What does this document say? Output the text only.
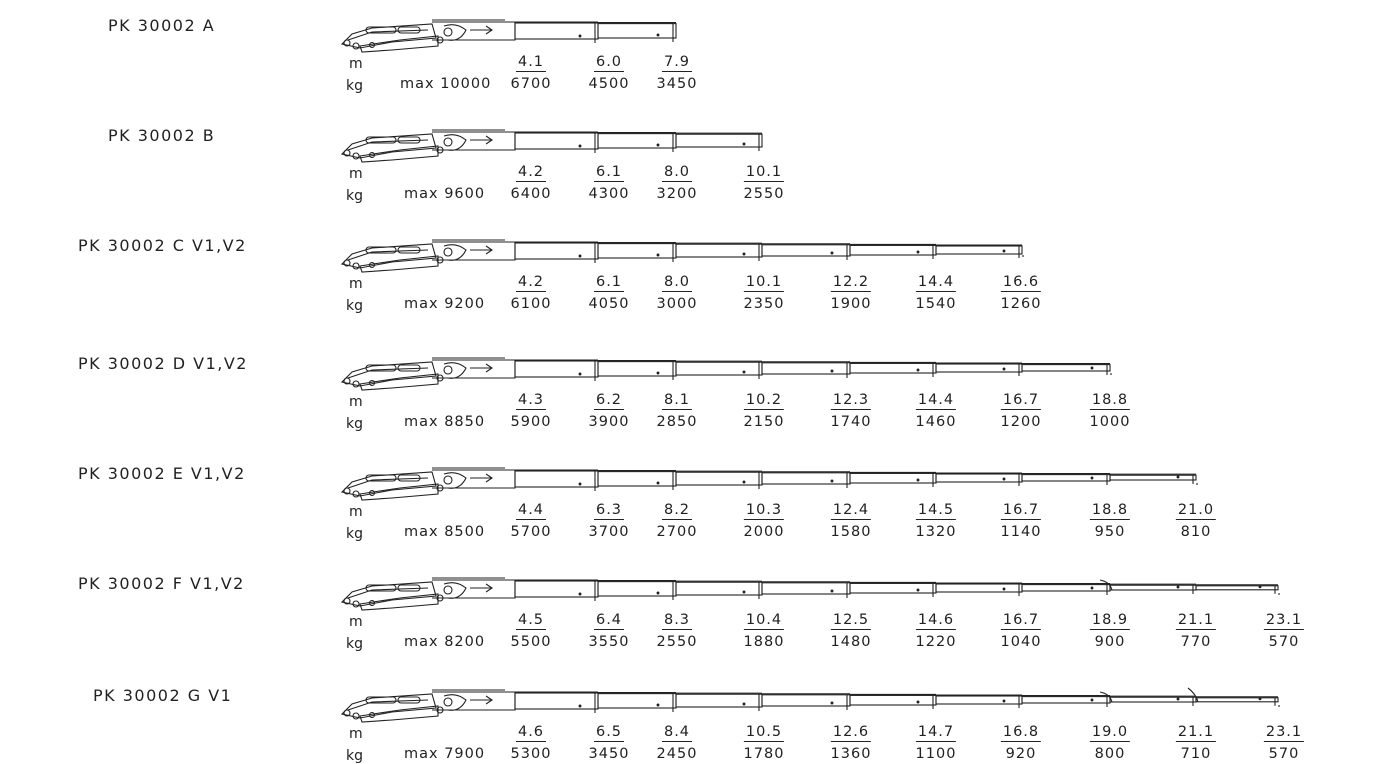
PK 30002 A
m
kg	max 10000
4.1	6.0	7.9
6700	4500 3450
PK 30002 B
m
kg	max 9600
4.2	6.1	8.0	10.1
6400	4300 3200	2550
PK 30002 C V1,V2
m
kg	max 9200
4.2	6.1	8.0	10.1	12.2	14.4	16.6
6100	4050 3000	2350	1900	1540	1260
PK 30002 D V1,V2
m
kg	max 8850
4.3	6.2	8.1	10.2	12.3	14.4	16.7	18.8
5900	3900 2850	2150	1740	1460	1200	1000
PK 30002 E V1,V2
m
kg	max 8500
4.4	6.3	8.2	10.3	12.4	14.5	16.7	18.8	21.0
5700	3700 2700	2000	1580	1320	1140	950	810
PK 30002 F V1,V2
m
kg	max 8200
4.5	6.4	8.3	10.4	12.5	14.6	16.7	18.9	21.1	23.1
5500	3550 2550	1880	1480	1220	1040	900	770	570
PK 30002 G V1
m
kg	max 7900
4.6	6.5	8.4	10.5	12.6	14.7	16.8	19.0	21.1	23.1
5300	3450 2450	1780	1360	1100	920	800	710	570
